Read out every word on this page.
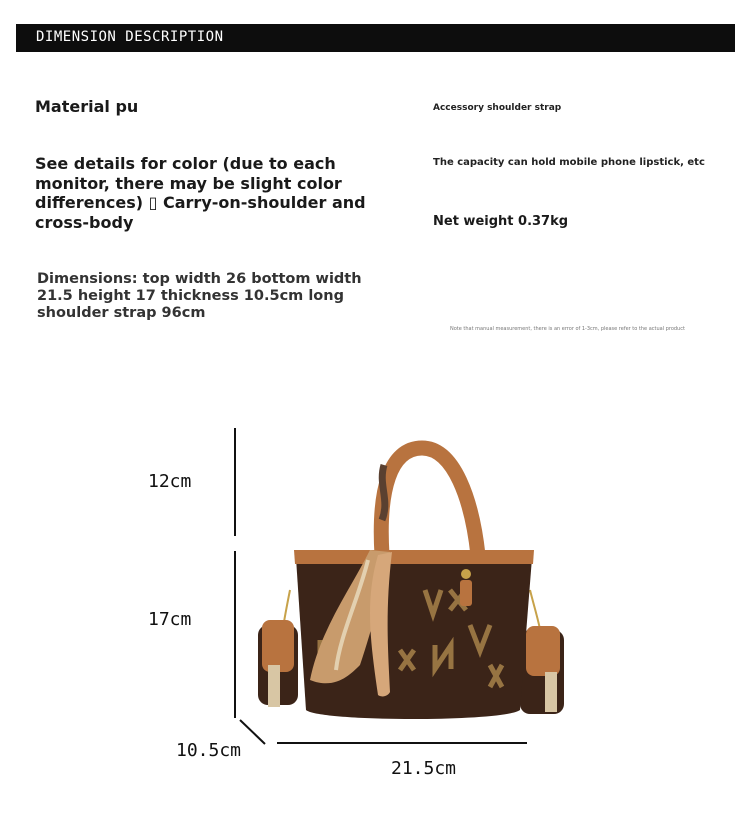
DIMENSION DESCRIPTION
Material pu
See details for color (due to each
monitor, there may be slight color
differences) ▯ Carry-on-shoulder and
cross-body
Dimensions: top width 26 bottom width
21.5 height 17 thickness 10.5cm long
shoulder strap 96cm
Accessory shoulder strap
The capacity can hold mobile phone lipstick, etc
Net weight 0.37kg
Note that manual measurement, there is an error of 1-3cm, please refer to the actual product
12cm
17cm
10.5cm
21.5cm
